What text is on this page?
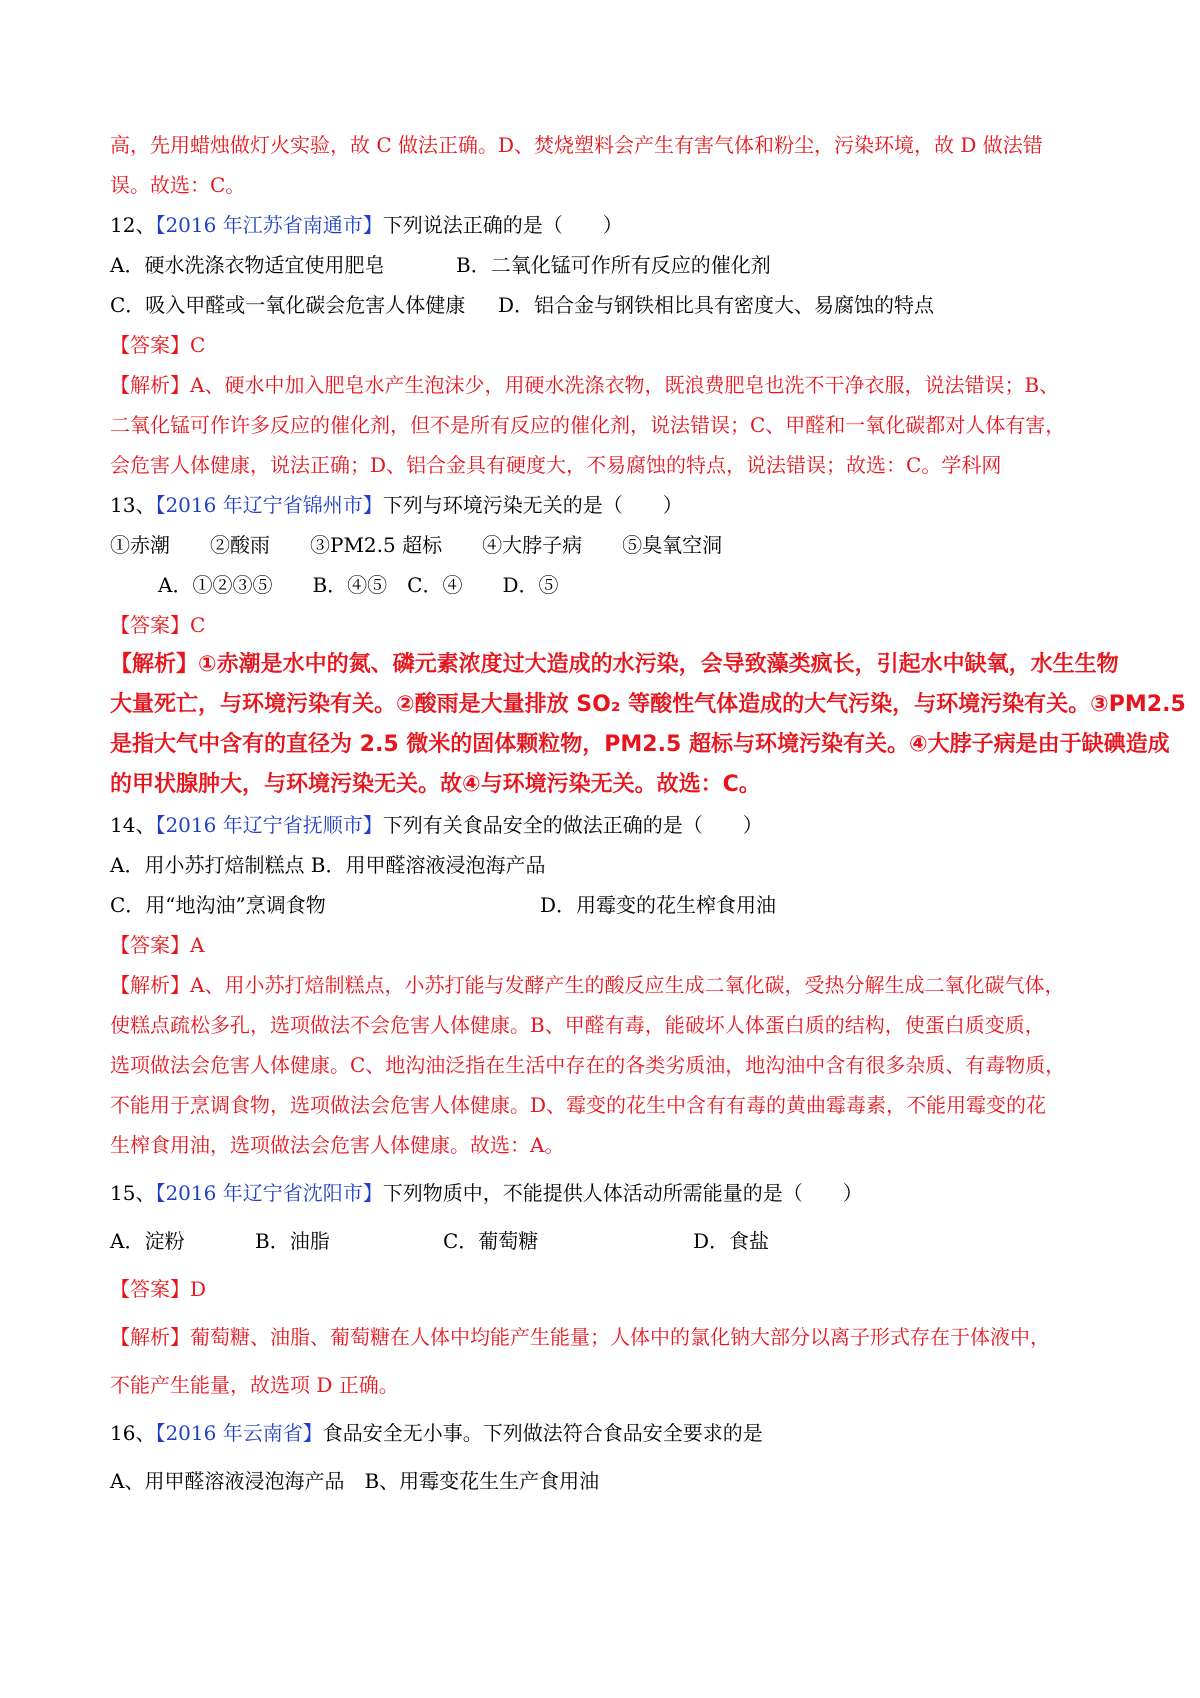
高，先用蜡烛做灯火实验，故 C 做法正确。D、焚烧塑料会产生有害气体和粉尘，污染环境，故 D 做法错
误。故选：C。
12、【2016 年江苏省南通市】下列说法正确的是（　　）
A．硬水洗涤衣物适宜使用肥皂	B．二氧化锰可作所有反应的催化剂
C．吸入甲醛或一氧化碳会危害人体健康 D．铝合金与钢铁相比具有密度大、易腐蚀的特点
【答案】C
【解析】A、硬水中加入肥皂水产生泡沫少，用硬水洗涤衣物，既浪费肥皂也洗不干净衣服，说法错误；B、
二氧化锰可作许多反应的催化剂，但不是所有反应的催化剂，说法错误；C、甲醛和一氧化碳都对人体有害，
会危害人体健康，说法正确；D、铝合金具有硬度大，不易腐蚀的特点，说法错误；故选：C。学科网
13、【2016 年辽宁省锦州市】下列与环境污染无关的是（　　）
①赤潮　　②酸雨　　③PM2.5 超标　　④大脖子病　　⑤臭氧空洞
A．①②③⑤　　B．④⑤　C．④　　D．⑤
【答案】C
【解析】①赤潮是水中的氮、磷元素浓度过大造成的水污染，会导致藻类疯长，引起水中缺氧，水生生物
大量死亡，与环境污染有关。②酸雨是大量排放 SO₂ 等酸性气体造成的大气污染，与环境污染有关。③PM2.5
是指大气中含有的直径为 2.5 微米的固体颗粒物，PM2.5 超标与环境污染有关。④大脖子病是由于缺碘造成
的甲状腺肿大，与环境污染无关。故④与环境污染无关。故选：C。
14、【2016 年辽宁省抚顺市】下列有关食品安全的做法正确的是（　　）
A．用小苏打焙制糕点 B．用甲醛溶液浸泡海产品
C．用“地沟油”烹调食物	D．用霉变的花生榨食用油
【答案】A
【解析】A、用小苏打焙制糕点，小苏打能与发酵产生的酸反应生成二氧化碳，受热分解生成二氧化碳气体，
使糕点疏松多孔，选项做法不会危害人体健康。B、甲醛有毒，能破坏人体蛋白质的结构，使蛋白质变质，
选项做法会危害人体健康。C、地沟油泛指在生活中存在的各类劣质油，地沟油中含有很多杂质、有毒物质，
不能用于烹调食物，选项做法会危害人体健康。D、霉变的花生中含有有毒的黄曲霉毒素，不能用霉变的花
生榨食用油，选项做法会危害人体健康。故选：A。
15、【2016 年辽宁省沈阳市】下列物质中，不能提供人体活动所需能量的是（　　）
A．淀粉	B．油脂	C．葡萄糖	D．食盐
【答案】D
【解析】葡萄糖、油脂、葡萄糖在人体中均能产生能量；人体中的氯化钠大部分以离子形式存在于体液中，
不能产生能量，故选项 D 正确。
16、【2016 年云南省】食品安全无小事。下列做法符合食品安全要求的是
A、用甲醛溶液浸泡海产品　B、用霉变花生生产食用油
